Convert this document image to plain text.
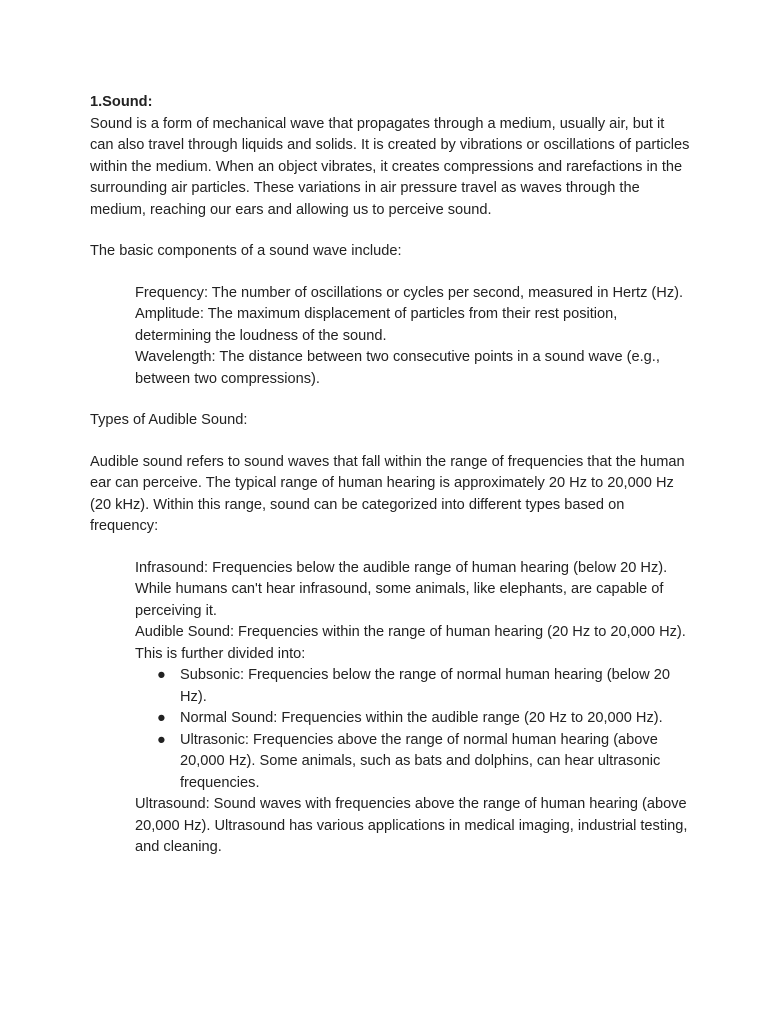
1.Sound:

Sound is a form of mechanical wave that propagates through a medium, usually air, but it can also travel through liquids and solids. It is created by vibrations or oscillations of particles within the medium. When an object vibrates, it creates compressions and rarefactions in the surrounding air particles. These variations in air pressure travel as waves through the medium, reaching our ears and allowing us to perceive sound.

The basic components of a sound wave include:

Frequency: The number of oscillations or cycles per second, measured in Hertz (Hz).

Amplitude: The maximum displacement of particles from their rest position, determining the loudness of the sound.

Wavelength: The distance between two consecutive points in a sound wave (e.g., between two compressions).

Types of Audible Sound:

Audible sound refers to sound waves that fall within the range of frequencies that the human ear can perceive. The typical range of human hearing is approximately 20 Hz to 20,000 Hz (20 kHz). Within this range, sound can be categorized into different types based on frequency:

Infrasound: Frequencies below the audible range of human hearing (below 20 Hz). While humans can't hear infrasound, some animals, like elephants, are capable of perceiving it.

Audible Sound: Frequencies within the range of human hearing (20 Hz to 20,000 Hz). This is further divided into:

● Subsonic: Frequencies below the range of normal human hearing (below 20 Hz).
● Normal Sound: Frequencies within the audible range (20 Hz to 20,000 Hz).
● Ultrasonic: Frequencies above the range of normal human hearing (above 20,000 Hz). Some animals, such as bats and dolphins, can hear ultrasonic frequencies.

Ultrasound: Sound waves with frequencies above the range of human hearing (above 20,000 Hz). Ultrasound has various applications in medical imaging, industrial testing, and cleaning.
